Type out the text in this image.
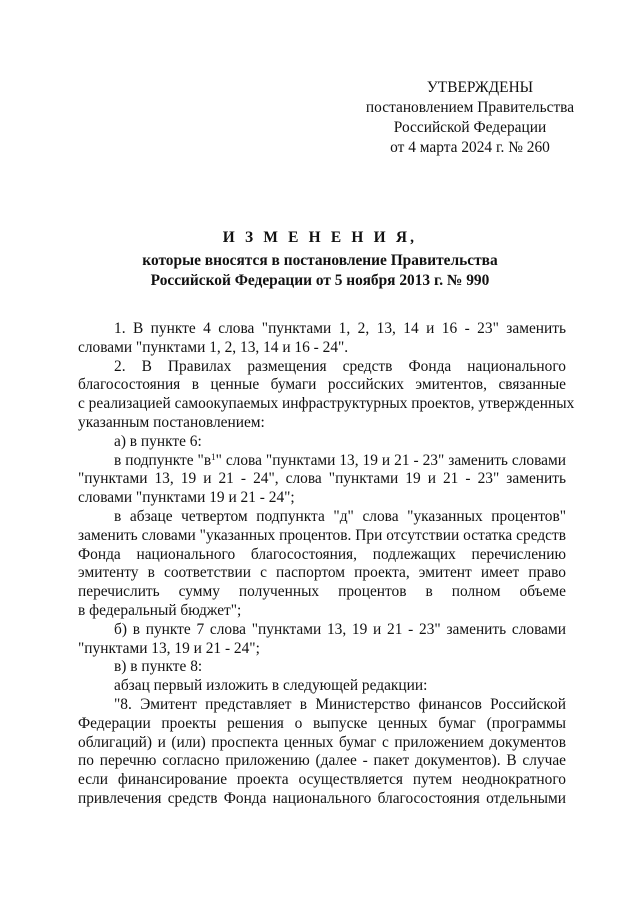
УТВЕРЖДЕНЫ
постановлением Правительства
Российской Федерации
от 4 марта 2024 г. № 260
И З М Е Н Е Н И Я,
которые вносятся в постановление Правительства
Российской Федерации от 5 ноября 2013 г. № 990
1. В пункте 4 слова "пунктами 1, 2, 13, 14 и 16 - 23" заменить
словами "пунктами 1, 2, 13, 14 и 16 - 24".
2. В Правилах размещения средств Фонда национального
благосостояния в ценные бумаги российских эмитентов, связанные
с реализацией самоокупаемых инфраструктурных проектов, утвержденных
указанным постановлением:
а) в пункте 6:
в подпункте "$в^1$" слова "пунктами 13, 19 и 21 - 23" заменить словами
"пунктами 13, 19 и 21 - 24", слова "пунктами 19 и 21 - 23" заменить
словами "пунктами 19 и 21 - 24";
в абзаце четвертом подпункта "д" слова "указанных процентов"
заменить словами "указанных процентов. При отсутствии остатка средств
Фонда национального благосостояния, подлежащих перечислению
эмитенту в соответствии с паспортом проекта, эмитент имеет право
перечислить сумму полученных процентов в полном объеме
в федеральный бюджет";
б) в пункте 7 слова "пунктами 13, 19 и 21 - 23" заменить словами
"пунктами 13, 19 и 21 - 24";
в) в пункте 8:
абзац первый изложить в следующей редакции:
"8. Эмитент представляет в Министерство финансов Российской
Федерации проекты решения о выпуске ценных бумаг (программы
облигаций) и (или) проспекта ценных бумаг с приложением документов
по перечню согласно приложению (далее - пакет документов). В случае
если финансирование проекта осуществляется путем неоднократного
привлечения средств Фонда национального благосостояния отдельными
